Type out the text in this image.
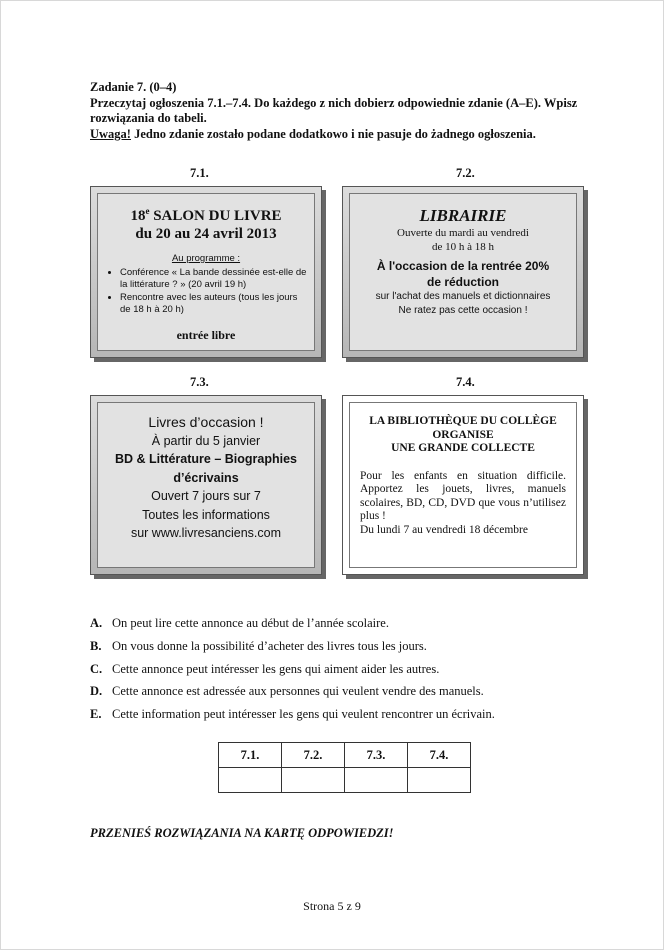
Zadanie 7. (0–4)
Przeczytaj ogłoszenia 7.1.–7.4. Do każdego z nich dobierz odpowiednie zdanie (A–E). Wpisz rozwiązania do tabeli.
Uwaga! Jedno zdanie zostało podane dodatkowo i nie pasuje do żadnego ogłoszenia.
7.1.
18e SALON DU LIVRE
du 20 au 24 avril 2013
Au programme :
• Conférence « La bande dessinée est-elle de la littérature ? » (20 avril 19 h)
• Rencontre avec les auteurs (tous les jours de 18 h à 20 h)
entrée libre
7.2.
LIBRAIRIE
Ouverte du mardi au vendredi
de 10 h à 18 h
À l'occasion de la rentrée 20%
de réduction
sur l'achat des manuels et dictionnaires
Ne ratez pas cette occasion !
7.3.
Livres d’occasion !
À partir du 5 janvier
BD & Littérature – Biographies
d’écrivains
Ouvert 7 jours sur 7
Toutes les informations
sur www.livresanciens.com
7.4.
LA BIBLIOTHÈQUE DU COLLÈGE
ORGANISE
UNE GRANDE COLLECTE
Pour les enfants en situation difficile. Apportez les jouets, livres, manuels scolaires, BD, CD, DVD que vous n’utilisez plus !
Du lundi 7 au vendredi 18 décembre
A. On peut lire cette annonce au début de l’année scolaire.
B. On vous donne la possibilité d’acheter des livres tous les jours.
C. Cette annonce peut intéresser les gens qui aiment aider les autres.
D. Cette annonce est adressée aux personnes qui veulent vendre des manuels.
E. Cette information peut intéresser les gens qui veulent rencontrer un écrivain.
7.1.	7.2.	7.3.	7.4.

PRZENIEŚ ROZWIĄZANIA NA KARTĘ ODPOWIEDZI!
Strona 5 z 9
